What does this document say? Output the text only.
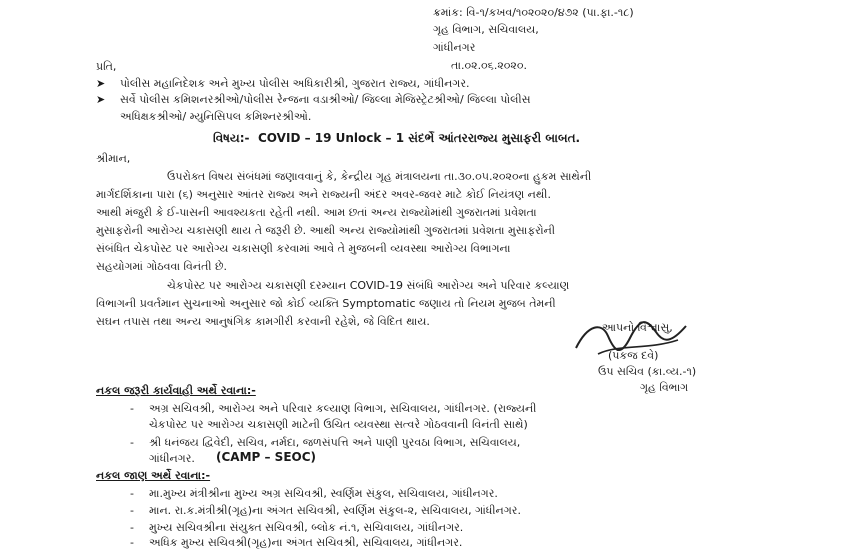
ક્રમાંક: વિ-૧/કખવ/૧૦૨૦૨૦/૪૭૨ (પા.ફા.-૧૮)
ગૃહ વિભાગ, સચિવાલય,
ગાંધીનગર
તા.૦૨.૦૬.૨૦૨૦.
પ્રતિ,
➤ પોલીસ મહાનિદેશક અને મુખ્ય પોલીસ અધિકારીશ્રી, ગુજરાત રાજ્ય, ગાંધીનગર.
➤ સર્વે પોલીસ કમિશનરશ્રીઓ/પોલીસ રેન્જના વડાશ્રીઓ/ જિલ્લા મેજિસ્ટ્રેટશ્રીઓ/ જિલ્લા પોલીસ
અધિક્ષકશ્રીઓ/ મ્યુનિસિપલ કમિશ્નરશ્રીઓ.
વિષય:- COVID – 19 Unlock – 1 સંદર્ભે આંતરરાજ્ય મુસાફરી બાબત.
શ્રીમાન,
ઉપરોક્ત વિષય સંબંધમાં જણાવવાનું કે, કેન્દ્રીય ગૃહ મંત્રાલયના તા.૩૦.૦૫.૨૦૨૦ના હુકમ સાથેની
માર્ગદર્શિકાના પારા (૬) અનુસાર આંતર રાજ્ય અને રાજ્યની અંદર અવર-જવર માટે કોઈ નિયંત્રણ નથી.
આથી મંજુરી કે ઈ-પાસની આવશ્યકતા રહેતી નથી. આમ છતાં અન્ય રાજ્યોમાંથી ગુજરાતમાં પ્રવેશતા
મુસાફરોની આરોગ્ય ચકાસણી થાય તે જરૂરી છે. આથી અન્ય રાજ્યોમાંથી ગુજરાતમાં પ્રવેશતા મુસાફરોની
સંબંધિત ચેકપોસ્ટ પર આરોગ્ય ચકાસણી કરવામાં આવે તે મુજબની વ્યવસ્થા આરોગ્ય વિભાગના
સહયોગમાં ગોઠવવા વિનંતી છે.
ચેકપોસ્ટ પર આરોગ્ય ચકાસણી દરમ્યાન COVID-19 સંબંધિ આરોગ્ય અને પરિવાર કલ્યાણ
વિભાગની પ્રવર્તમાન સુચનાઓ અનુસાર જો કોઈ વ્યક્તિ Symptomatic જણાય તો નિયમ મુજબ તેમની
સઘન તપાસ તથા અન્ય આનુષંગિક કામગીરી કરવાની રહેશે, જે વિદિત થાય.	આપનો વિશ્વાસુ,
(પંકજ દવે)
ઉપ સચિવ (કા.વ્ય.-૧)
ગૃહ વિભાગ
નકલ જરૂરી કાર્યવાહી અર્થે રવાના:-
- અગ્ર સચિવશ્રી, આરોગ્ય અને પરિવાર કલ્યાણ વિભાગ, સચિવાલય, ગાંધીનગર. (રાજ્યની
ચેકપોસ્ટ પર આરોગ્ય ચકાસણી માટેની ઉચિત વ્યવસ્થા સત્વરે ગોઠવવાની વિનંતી સાથે)
- શ્રી ધનંજય દ્વિવેદી, સચિવ, નર્મદા, જળસંપત્તિ અને પાણી પુરવઠા વિભાગ, સચિવાલય,
ગાંધીનગર. (CAMP – SEOC)
નકલ જાણ અર્થે રવાના:-
- મા.મુખ્ય મંત્રીશ્રીના મુખ્ય અગ્ર સચિવશ્રી, સ્વર્ણિમ સંકુલ, સચિવાલય, ગાંધીનગર.
- માન. રા.ક.મંત્રીશ્રી(ગૃહ)ના અંગત સચિવશ્રી, સ્વર્ણિમ સંકુલ-૨, સચિવાલય, ગાંધીનગર.
- મુખ્ય સચિવશ્રીના સંયુક્ત સચિવશ્રી, બ્લોક નં.૧, સચિવાલય, ગાંધીનગર.
- અધિક મુખ્ય સચિવશ્રી(ગૃહ)ના અંગત સચિવશ્રી, સચિવાલય, ગાંધીનગર.
